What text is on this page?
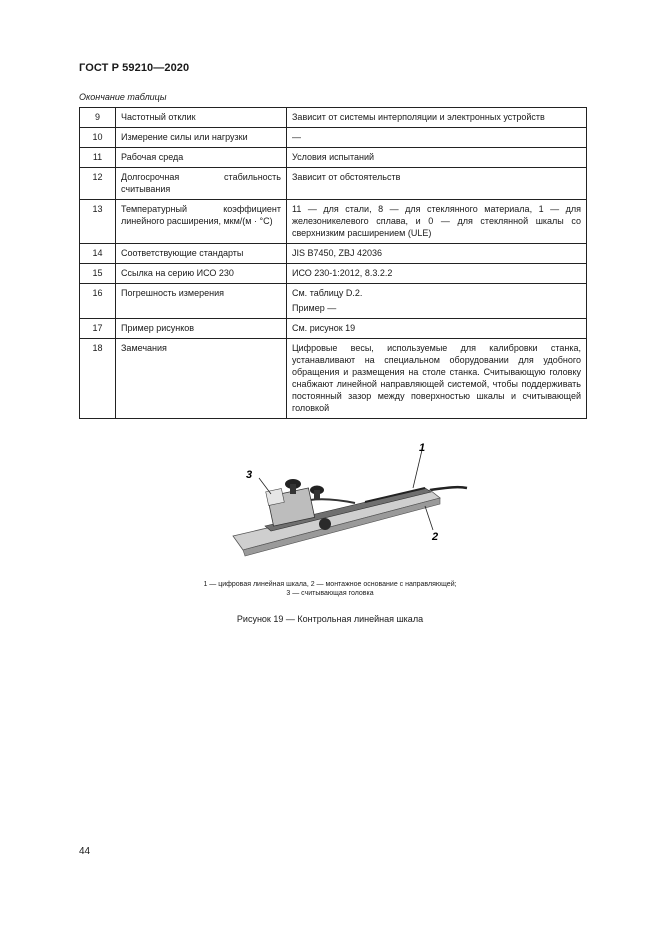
ГОСТ Р 59210—2020
Окончание таблицы
9	Частотный отклик	Зависит от системы интерполяции и электронных устройств
10	Измерение силы или нагрузки	—
11	Рабочая среда	Условия испытаний
12	Долгосрочная стабильность считывания	Зависит от обстоятельств
13	Температурный коэффициент линейного расширения, мкм/(м · °С)	11 — для стали, 8 — для стеклянного материала, 1 — для железоникелевого сплава, и 0 — для стеклянной шкалы со сверхнизким расширением (ULE)
14	Соответствующие стандарты	JIS B7450, ZBJ 42036
15	Ссылка на серию ИСО 230	ИСО 230-1:2012, 8.3.2.2
16	Погрешность измерения	См. таблицу D.2.
Пример —

17	Пример рисунков	См. рисунок 19
18	Замечания	Цифровые весы, используемые для калибровки станка, устанавливают на специальном оборудовании для удобного обращения и размещения на столе станка. Считывающую головку снабжают линейной направляющей системой, чтобы поддерживать постоянный зазор между поверхностью шкалы и считывающей головкой
1
2
3
1 — цифровая линейная шкала, 2 — монтажное основание с направляющей;
3 — считывающая головка
Рисунок 19 — Контрольная линейная шкала
44
